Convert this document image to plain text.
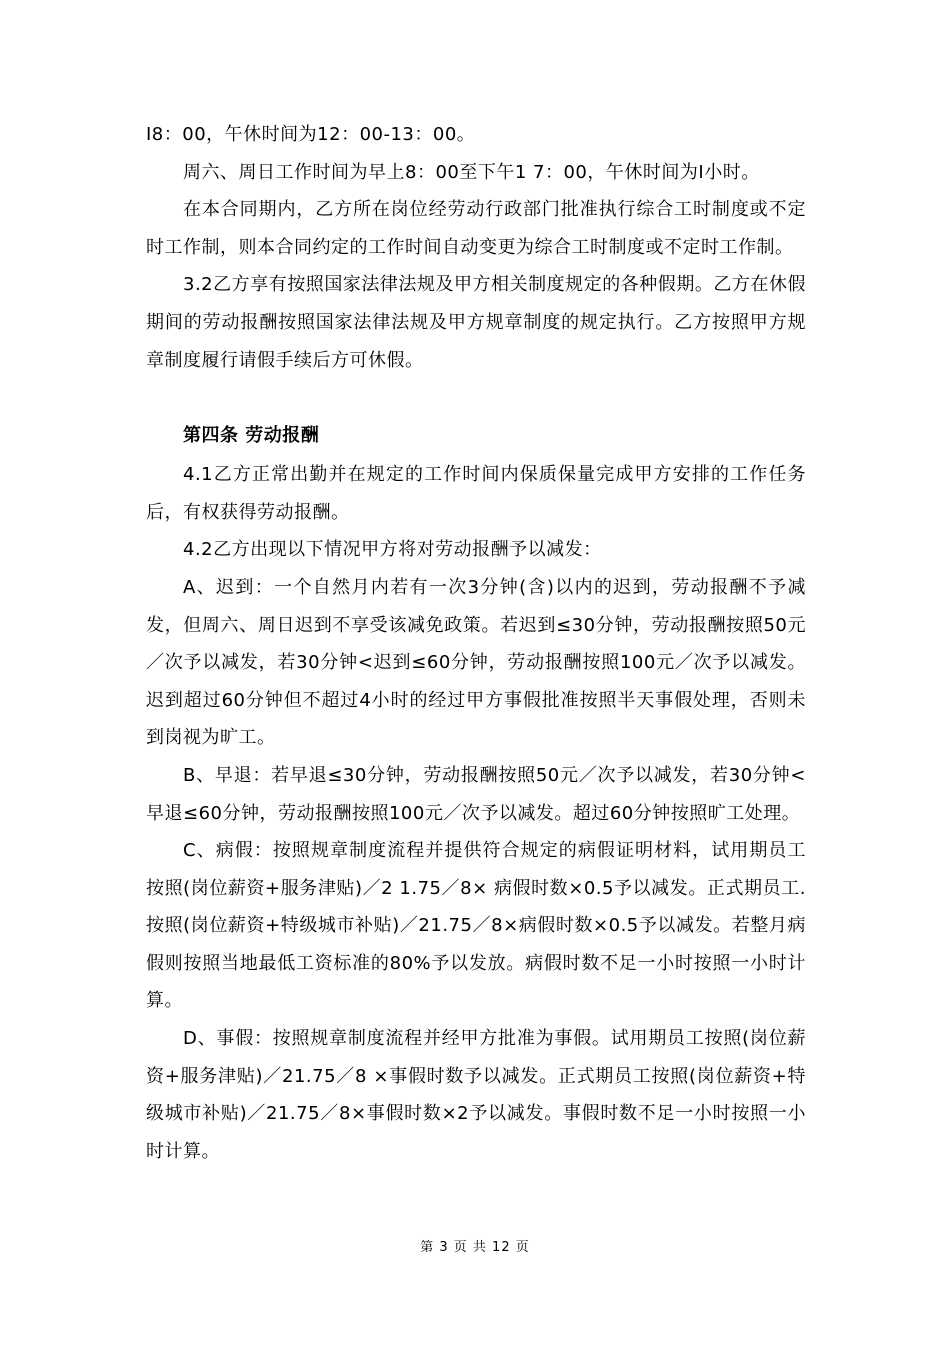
I8：00，午休时间为12：00-13：00。

周六、周日工作时间为早上8：00至下午1 7：00，午休时间为I小时。

在本合同期内，乙方所在岗位经劳动行政部门批准执行综合工时制度或不定时工作制，则本合同约定的工作时间自动变更为综合工时制度或不定时工作制。

3.2乙方享有按照国家法律法规及甲方相关制度规定的各种假期。乙方在休假期间的劳动报酬按照国家法律法规及甲方规章制度的规定执行。乙方按照甲方规章制度履行请假手续后方可休假。

第四条 劳动报酬

4.1乙方正常出勤并在规定的工作时间内保质保量完成甲方安排的工作任务后，有权获得劳动报酬。

4.2乙方出现以下情况甲方将对劳动报酬予以减发：

A、迟到：一个自然月内若有一次3分钟(含)以内的迟到，劳动报酬不予减发，但周六、周日迟到不享受该减免政策。若迟到≤30分钟，劳动报酬按照50元／次予以减发，若30分钟<迟到≤60分钟，劳动报酬按照100元／次予以减发。迟到超过60分钟但不超过4小时的经过甲方事假批准按照半天事假处理，否则未到岗视为旷工。

B、早退：若早退≤30分钟，劳动报酬按照50元／次予以减发，若30分钟<早退≤60分钟，劳动报酬按照100元／次予以减发。超过60分钟按照旷工处理。

C、病假：按照规章制度流程并提供符合规定的病假证明材料，试用期员工按照(岗位薪资+服务津贴)／2 1.75／8× 病假时数×0.5予以减发。正式期员工.按照(岗位薪资+特级城市补贴)／21.75／8×病假时数×0.5予以减发。若整月病假则按照当地最低工资标准的80%予以发放。病假时数不足一小时按照一小时计算。

D、事假：按照规章制度流程并经甲方批准为事假。试用期员工按照(岗位薪资+服务津贴)／21.75／8 ×事假时数予以减发。正式期员工按照(岗位薪资+特级城市补贴)／21.75／8×事假时数×2予以减发。事假时数不足一小时按照一小时计算。

第 3 页 共 12 页
